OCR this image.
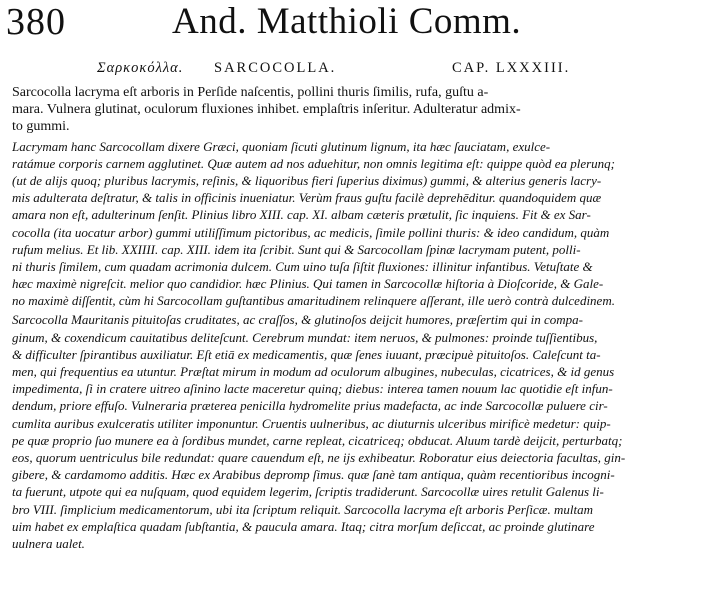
380	And. Matthioli Comm.
Σαρκοκόλλα. SARCOCOLLA.	CAP. LXXXIII.
Sarcocolla lacryma eſt arboris in Perſide naſcentis, pollini thuris ſimilis, rufa, guſtu a-
mara. Vulnera glutinat, oculorum fluxiones inhibet. emplaſtris inſeritur. Adulteratur admix-
to gummi.
Lacrymam hanc Sarcocollam dixere Græci, quoniam ſicuti glutinum lignum, ita hæc ſauciatam, exulce-
ratámue corporis carnem agglutinet. Quæ autem ad nos aduehitur, non omnis legitima eſt: quippe quòd ea plerunq;
(ut de alijs quoq; pluribus lacrymis, reſinis, & liquoribus fieri ſuperius diximus) gummi, & alterius generis lacry-
mis adulterata deſtratur, & talis in officinis inueniatur. Verùm fraus guſtu facilè deprehēditur. quandoquidem quæ
amara non eſt, adulterinum ſenſit. Plinius libro XIII. cap. XI. albam cæteris prætulit, ſic inquiens. Fit & ex Sar-
cocolla (ita uocatur arbor) gummi utiliſſimum pictoribus, ac medicis, ſimile pollini thuris: & ideo candidum, quàm
rufum melius. Et lib. XXIIII. cap. XIII. idem ita ſcribit. Sunt qui & Sarcocollam ſpinæ lacrymam putent, polli-
ni thuris ſimilem, cum quadam acrimonia dulcem. Cum uino tuſa ſiſtit fluxiones: illinitur infantibus. Vetuſtate &
hæc maximè nigreſcit. melior quo candidior. hæc Plinius. Qui tamen in Sarcocollæ hiſtoria à Dioſcoride, & Gale-
no maximè diſſentit, cùm hi Sarcocollam guſtantibus amaritudinem relinquere aſſerant, ille uerò contrà dulcedinem.
Sarcocolla Mauritanis pituitoſas cruditates, ac craſſos, & glutinoſos deijcit humores, præſertim qui in compa-
ginum, & coxendicum cauitatibus deliteſcunt. Cerebrum mundat: item neruos, & pulmones: proinde tuſſientibus,
& difficulter ſpirantibus auxiliatur. Eſt etiā ex medicamentis, quæ ſenes iuuant, præcipuè pituitoſos. Caleſcunt ta-
men, qui frequentius ea utuntur. Præſtat mirum in modum ad oculorum albugines, nubeculas, cicatrices, & id genus
impedimenta, ſi in cratere uitreo aſinino lacte maceretur quinq; diebus: interea tamen nouum lac quotidie eſt infun-
dendum, priore effuſo. Vulneraria præterea penicilla hydromelite prius madefacta, ac inde Sarcocollæ puluere cir-
cumlita auribus exulceratis utiliter imponuntur. Cruentis uulneribus, ac diuturnis ulceribus mirificè medetur: quip-
pe quæ proprio ſuo munere ea à ſordibus mundet, carne repleat, cicatriceq; obducat. Aluum tardè deijcit, perturbatq;
eos, quorum uentriculus bile redundat: quare cauendum eſt, ne ijs exhibeatur. Roboratur eius deiectoria facultas, gin-
gibere, & cardamomo additis. Hæc ex Arabibus depromp ſimus. quæ ſanè tam antiqua, quàm recentioribus incogni-
ta fuerunt, utpote qui ea nuſquam, quod equidem legerim, ſcriptis tradiderunt. Sarcocollæ uires retulit Galenus li-
bro VIII. ſimplicium medicamentorum, ubi ita ſcriptum reliquit. Sarcocolla lacryma eſt arboris Perſicæ. multam
uim habet ex emplaſtica quadam ſubſtantia, & paucula amara. Itaq; citra morſum deſiccat, ac proinde glutinare
uulnera ualet.
